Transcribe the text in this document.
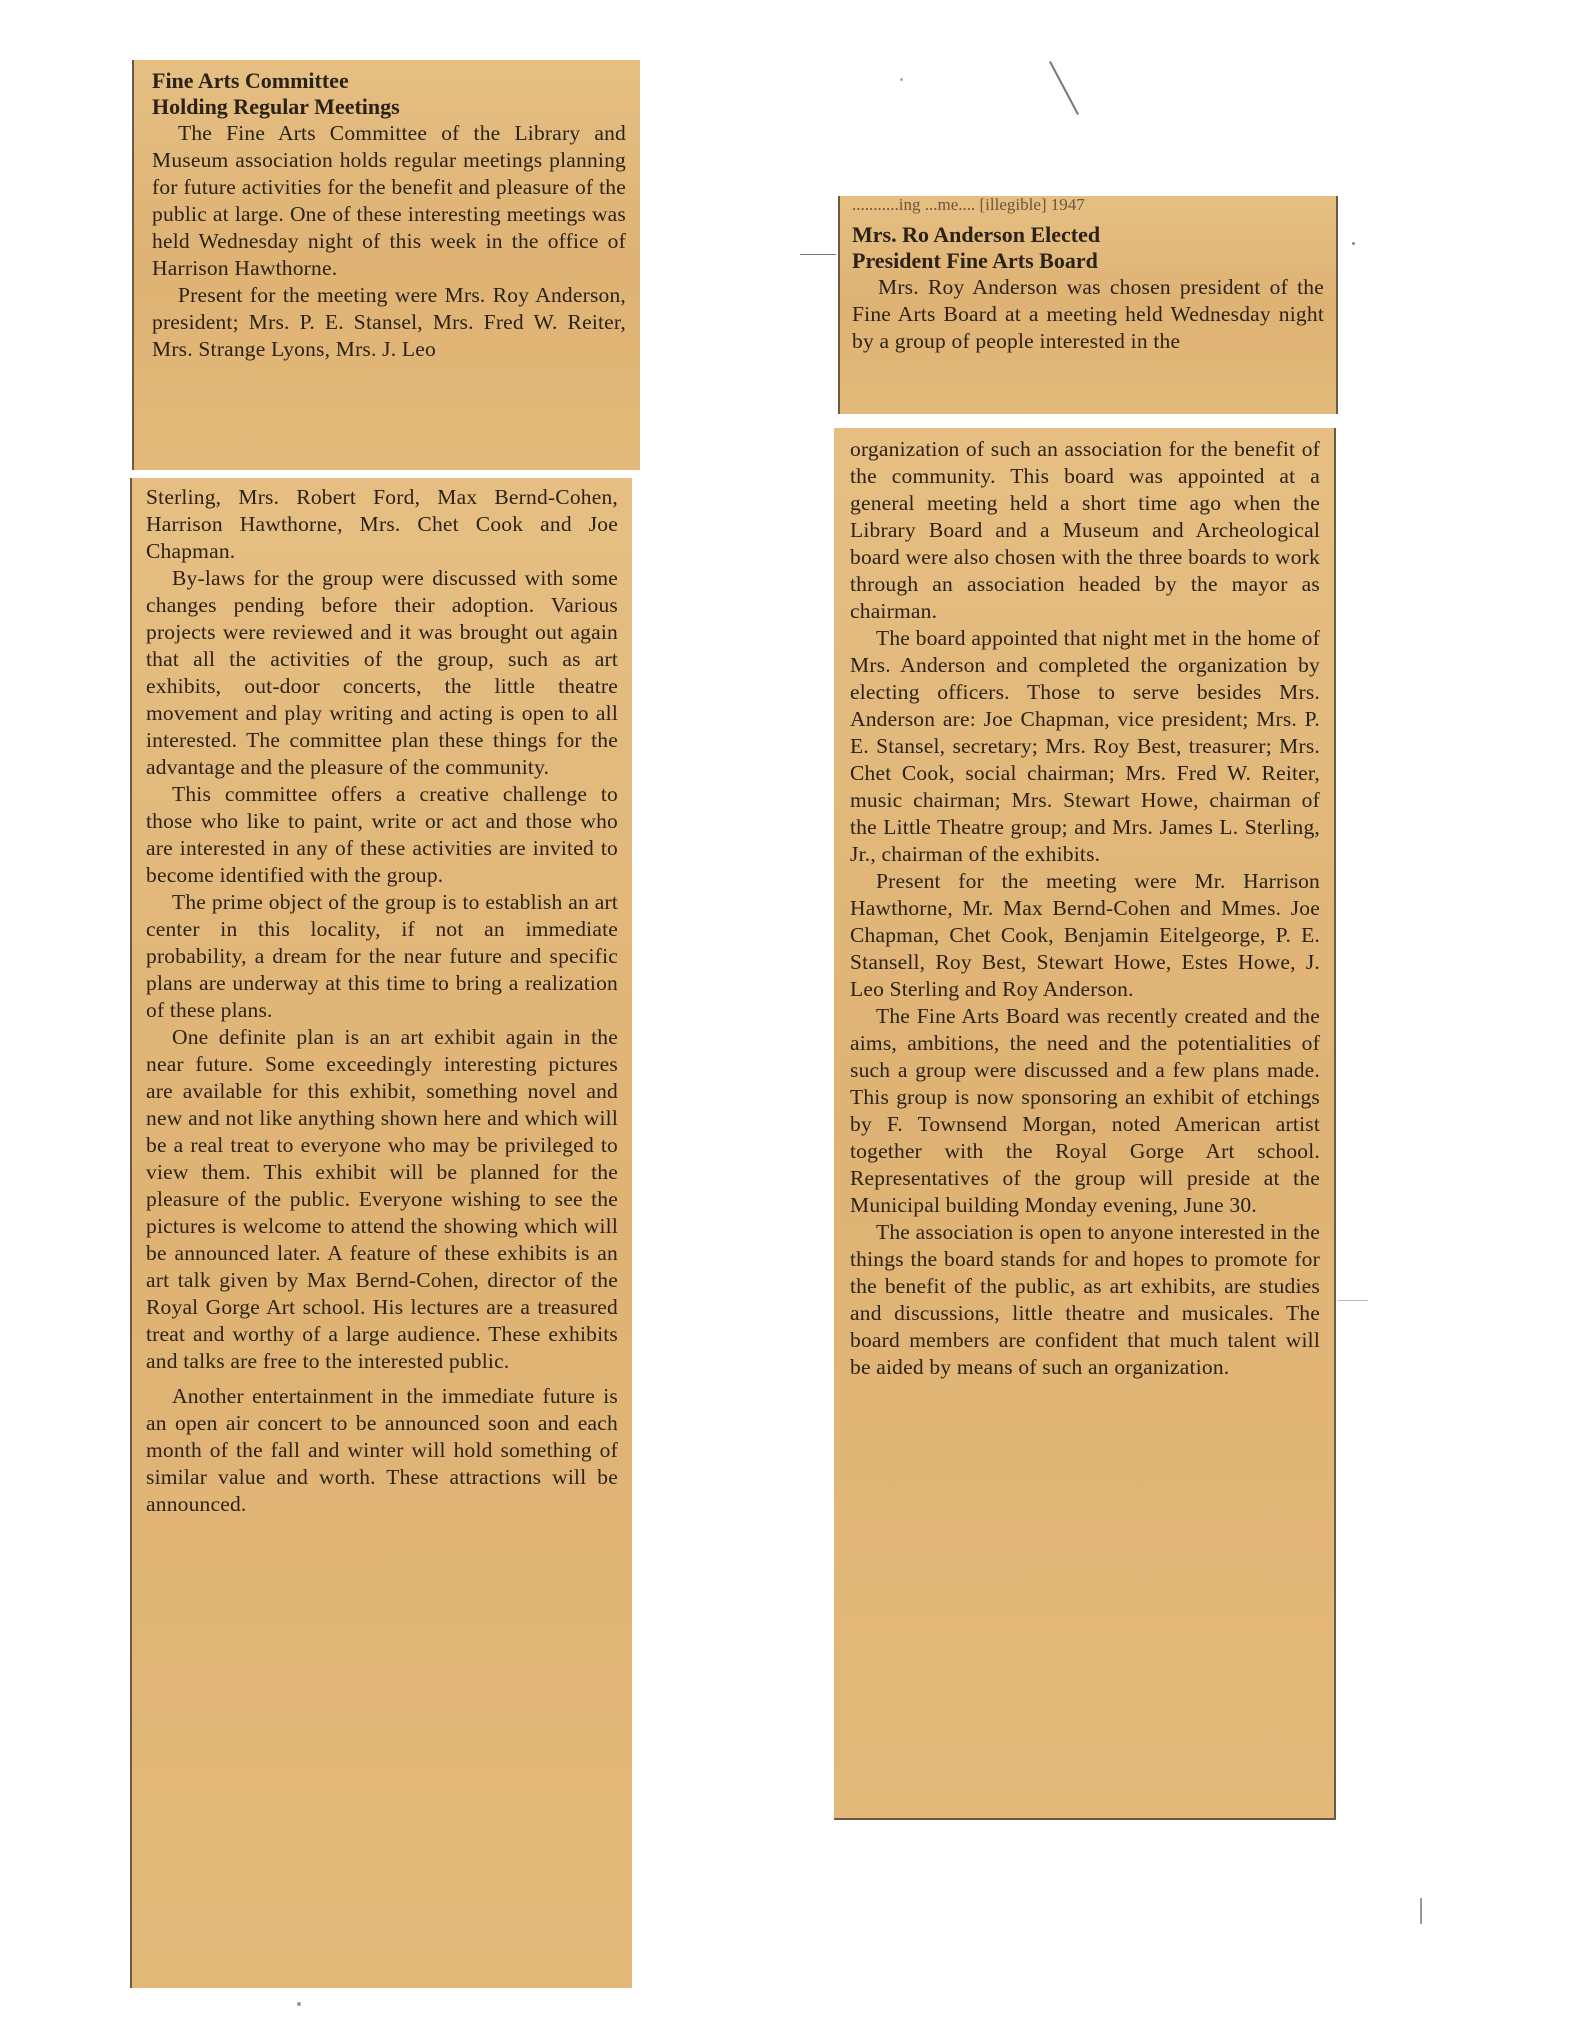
Fine Arts Committee

Holding Regular Meetings

The Fine Arts Committee of the Library and Museum association holds regular meetings planning for future activities for the benefit and pleasure of the public at large. One of these interesting meetings was held Wednesday night of this week in the office of Harrison Hawthorne.

Present for the meeting were Mrs. Roy Anderson, president; Mrs. P. E. Stansel, Mrs. Fred W. Reiter, Mrs. Strange Lyons, Mrs. J. Leo

Sterling, Mrs. Robert Ford, Max Bernd-Cohen, Harrison Hawthorne, Mrs. Chet Cook and Joe Chapman.

By-laws for the group were discussed with some changes pending before their adoption. Various projects were reviewed and it was brought out again that all the activities of the group, such as art exhibits, out-door concerts, the little theatre movement and play writing and acting is open to all interested. The committee plan these things for the advantage and the pleasure of the community.

This committee offers a creative challenge to those who like to paint, write or act and those who are interested in any of these activities are invited to become identified with the group.

The prime object of the group is to establish an art center in this locality, if not an immediate probability, a dream for the near future and specific plans are underway at this time to bring a realization of these plans.

One definite plan is an art exhibit again in the near future. Some exceedingly interesting pictures are available for this exhibit, something novel and new and not like anything shown here and which will be a real treat to everyone who may be privileged to view them. This exhibit will be planned for the pleasure of the public. Everyone wishing to see the pictures is welcome to attend the showing which will be announced later. A feature of these exhibits is an art talk given by Max Bernd-Cohen, director of the Royal Gorge Art school. His lectures are a treasured treat and worthy of a large audience. These exhibits and talks are free to the interested public.

Another entertainment in the immediate future is an open air concert to be announced soon and each month of the fall and winter will hold something of similar value and worth. These attractions will be announced.

...........ing ...me.... [illegible] 1947

Mrs. Ro Anderson Elected

President Fine Arts Board

Mrs. Roy Anderson was chosen president of the Fine Arts Board at a meeting held Wednesday night by a group of people interested in the

organization of such an association for the benefit of the community. This board was appointed at a general meeting held a short time ago when the Library Board and a Museum and Archeological board were also chosen with the three boards to work through an association headed by the mayor as chairman.

The board appointed that night met in the home of Mrs. Anderson and completed the organization by electing officers. Those to serve besides Mrs. Anderson are: Joe Chapman, vice president; Mrs. P. E. Stansel, secretary; Mrs. Roy Best, treasurer; Mrs. Chet Cook, social chairman; Mrs. Fred W. Reiter, music chairman; Mrs. Stewart Howe, chairman of the Little Theatre group; and Mrs. James L. Sterling, Jr., chairman of the exhibits.

Present for the meeting were Mr. Harrison Hawthorne, Mr. Max Bernd-Cohen and Mmes. Joe Chapman, Chet Cook, Benjamin Eitelgeorge, P. E. Stansell, Roy Best, Stewart Howe, Estes Howe, J. Leo Sterling and Roy Anderson.

The Fine Arts Board was recently created and the aims, ambitions, the need and the potentialities of such a group were discussed and a few plans made. This group is now sponsoring an exhibit of etchings by F. Townsend Morgan, noted American artist together with the Royal Gorge Art school. Representatives of the group will preside at the Municipal building Monday evening, June 30.

The association is open to anyone interested in the things the board stands for and hopes to promote for the benefit of the public, as art exhibits, are studies and discussions, little theatre and musicales. The board members are confident that much talent will be aided by means of such an organization.
